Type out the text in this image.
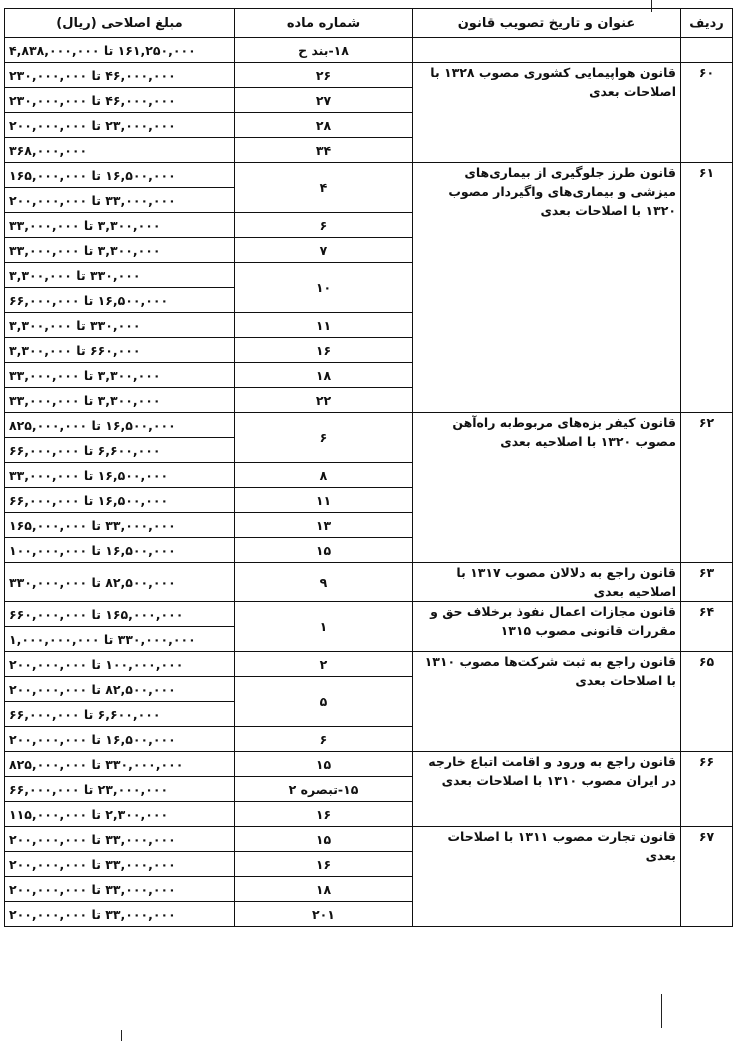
ردیف	عنوان و تاریخ تصویب قانون	شماره ماده	مبلغ اصلاحی (ریال)
		۱۸-بند ح	۱۶۱,۲۵۰,۰۰۰ تا ۴,۸۳۸,۰۰۰,۰۰۰
۶۰	قانون هواپیمایی کشوری مصوب ۱۳۲۸ با اصلاحات بعدی	۲۶	۴۶,۰۰۰,۰۰۰ تا ۲۳۰,۰۰۰,۰۰۰
		۲۷	۴۶,۰۰۰,۰۰۰ تا ۲۳۰,۰۰۰,۰۰۰
		۲۸	۲۳,۰۰۰,۰۰۰ تا ۲۰۰,۰۰۰,۰۰۰
		۳۴	۳۶۸,۰۰۰,۰۰۰
۶۱	قانون طرز جلوگیری از بیماری‌های میزشی و بیماری‌های واگیردار مصوب ۱۳۲۰ با اصلاحات بعدی	۴	۱۶,۵۰۰,۰۰۰ تا ۱۶۵,۰۰۰,۰۰۰
			۳۳,۰۰۰,۰۰۰ تا ۲۰۰,۰۰۰,۰۰۰
		۶	۳,۳۰۰,۰۰۰ تا ۳۳,۰۰۰,۰۰۰
		۷	۳,۳۰۰,۰۰۰ تا ۳۳,۰۰۰,۰۰۰
		۱۰	۳۳۰,۰۰۰ تا ۳,۳۰۰,۰۰۰
			۱۶,۵۰۰,۰۰۰ تا ۶۶,۰۰۰,۰۰۰
		۱۱	۳۳۰,۰۰۰ تا ۳,۳۰۰,۰۰۰
		۱۶	۶۶۰,۰۰۰ تا ۳,۳۰۰,۰۰۰
		۱۸	۳,۳۰۰,۰۰۰ تا ۳۳,۰۰۰,۰۰۰
		۲۲	۳,۳۰۰,۰۰۰ تا ۳۳,۰۰۰,۰۰۰
۶۲	قانون کیفر بزه‌های مربوط‌به راه‌آهن مصوب ۱۳۲۰ با اصلاحیه بعدی	۶	۱۶,۵۰۰,۰۰۰ تا ۸۲۵,۰۰۰,۰۰۰
			۶,۶۰۰,۰۰۰ تا ۶۶,۰۰۰,۰۰۰
		۸	۱۶,۵۰۰,۰۰۰ تا ۳۳,۰۰۰,۰۰۰
		۱۱	۱۶,۵۰۰,۰۰۰ تا ۶۶,۰۰۰,۰۰۰
		۱۳	۳۳,۰۰۰,۰۰۰ تا ۱۶۵,۰۰۰,۰۰۰
		۱۵	۱۶,۵۰۰,۰۰۰ تا ۱۰۰,۰۰۰,۰۰۰
۶۳	قانون راجع به دلالان مصوب ۱۳۱۷ با اصلاحیه بعدی	۹	۸۲,۵۰۰,۰۰۰ تا ۳۳۰,۰۰۰,۰۰۰
۶۴	قانون مجازات اعمال نفوذ برخلاف حق و مقررات قانونی مصوب ۱۳۱۵	۱	۱۶۵,۰۰۰,۰۰۰ تا ۶۶۰,۰۰۰,۰۰۰
			۳۳۰,۰۰۰,۰۰۰ تا ۱,۰۰۰,۰۰۰,۰۰۰
۶۵	قانون راجع به ثبت شرکت‌ها مصوب ۱۳۱۰ با اصلاحات بعدی	۲	۱۰۰,۰۰۰,۰۰۰ تا ۲۰۰,۰۰۰,۰۰۰
		۵	۸۲,۵۰۰,۰۰۰ تا ۲۰۰,۰۰۰,۰۰۰
			۶,۶۰۰,۰۰۰ تا ۶۶,۰۰۰,۰۰۰
		۶	۱۶,۵۰۰,۰۰۰ تا ۲۰۰,۰۰۰,۰۰۰
۶۶	قانون راجع به ورود و اقامت اتباع خارجه در ایران مصوب ۱۳۱۰ با اصلاحات بعدی	۱۵	۳۳۰,۰۰۰,۰۰۰ تا ۸۲۵,۰۰۰,۰۰۰
		۱۵-تبصره ۲	۲۳,۰۰۰,۰۰۰ تا ۶۶,۰۰۰,۰۰۰
		۱۶	۲,۳۰۰,۰۰۰ تا ۱۱۵,۰۰۰,۰۰۰
۶۷	قانون تجارت مصوب ۱۳۱۱ با اصلاحات بعدی	۱۵	۳۳,۰۰۰,۰۰۰ تا ۲۰۰,۰۰۰,۰۰۰
		۱۶	۳۳,۰۰۰,۰۰۰ تا ۲۰۰,۰۰۰,۰۰۰
		۱۸	۳۳,۰۰۰,۰۰۰ تا ۲۰۰,۰۰۰,۰۰۰
		۲۰۱	۳۳,۰۰۰,۰۰۰ تا ۲۰۰,۰۰۰,۰۰۰
